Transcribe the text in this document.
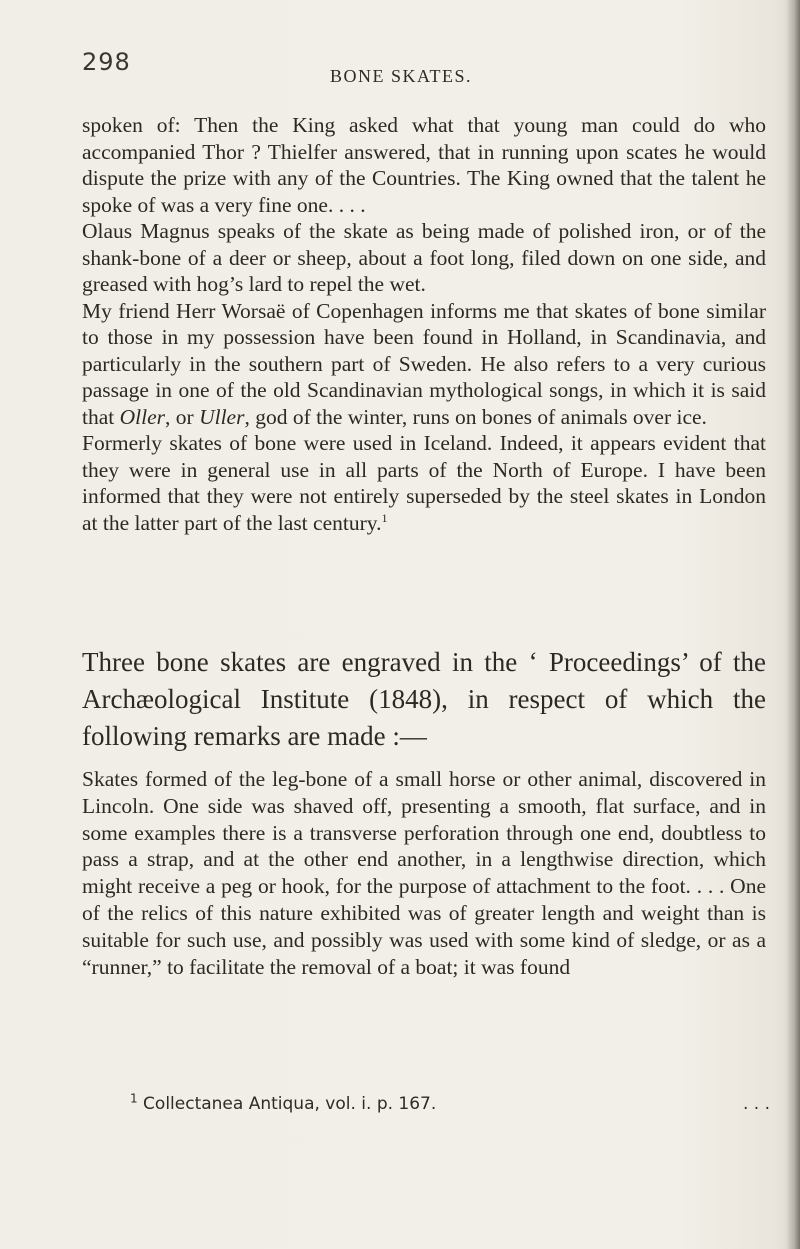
298	BONE SKATES.

spoken of: Then the King asked what that young man could do who accompanied Thor ? Thielfer answered, that in running upon scates he would dispute the prize with any of the Countries. The King owned that the talent he spoke of was a very fine one. . . .

Olaus Magnus speaks of the skate as being made of polished iron, or of the shank-bone of a deer or sheep, about a foot long, filed down on one side, and greased with hog’s lard to repel the wet.

My friend Herr Worsaë of Copenhagen informs me that skates of bone similar to those in my possession have been found in Holland, in Scandinavia, and particularly in the southern part of Sweden. He also refers to a very curious passage in one of the old Scandinavian mythological songs, in which it is said that Oller, or Uller, god of the winter, runs on bones of animals over ice.

Formerly skates of bone were used in Iceland. Indeed, it appears evident that they were in general use in all parts of the North of Europe. I have been informed that they were not entirely superseded by the steel skates in London at the latter part of the last century.$^1$

Three bone skates are engraved in the ‘ Proceedings’ of the Archæological Institute (1848), in respect of which the following remarks are made :—
Skates formed of the leg-bone of a small horse or other animal, discovered in Lincoln. One side was shaved off, presenting a smooth, flat surface, and in some examples there is a transverse perforation through one end, doubtless to pass a strap, and at the other end another, in a lengthwise direction, which might receive a peg or hook, for the purpose of attachment to the foot. . . . One of the relics of this nature exhibited was of greater length and weight than is suitable for such use, and possibly was used with some kind of sledge, or as a “runner,” to facilitate the removal of a boat; it was found
$^1$ Collectanea Antiqua, vol. i. p. 167.	. . .
